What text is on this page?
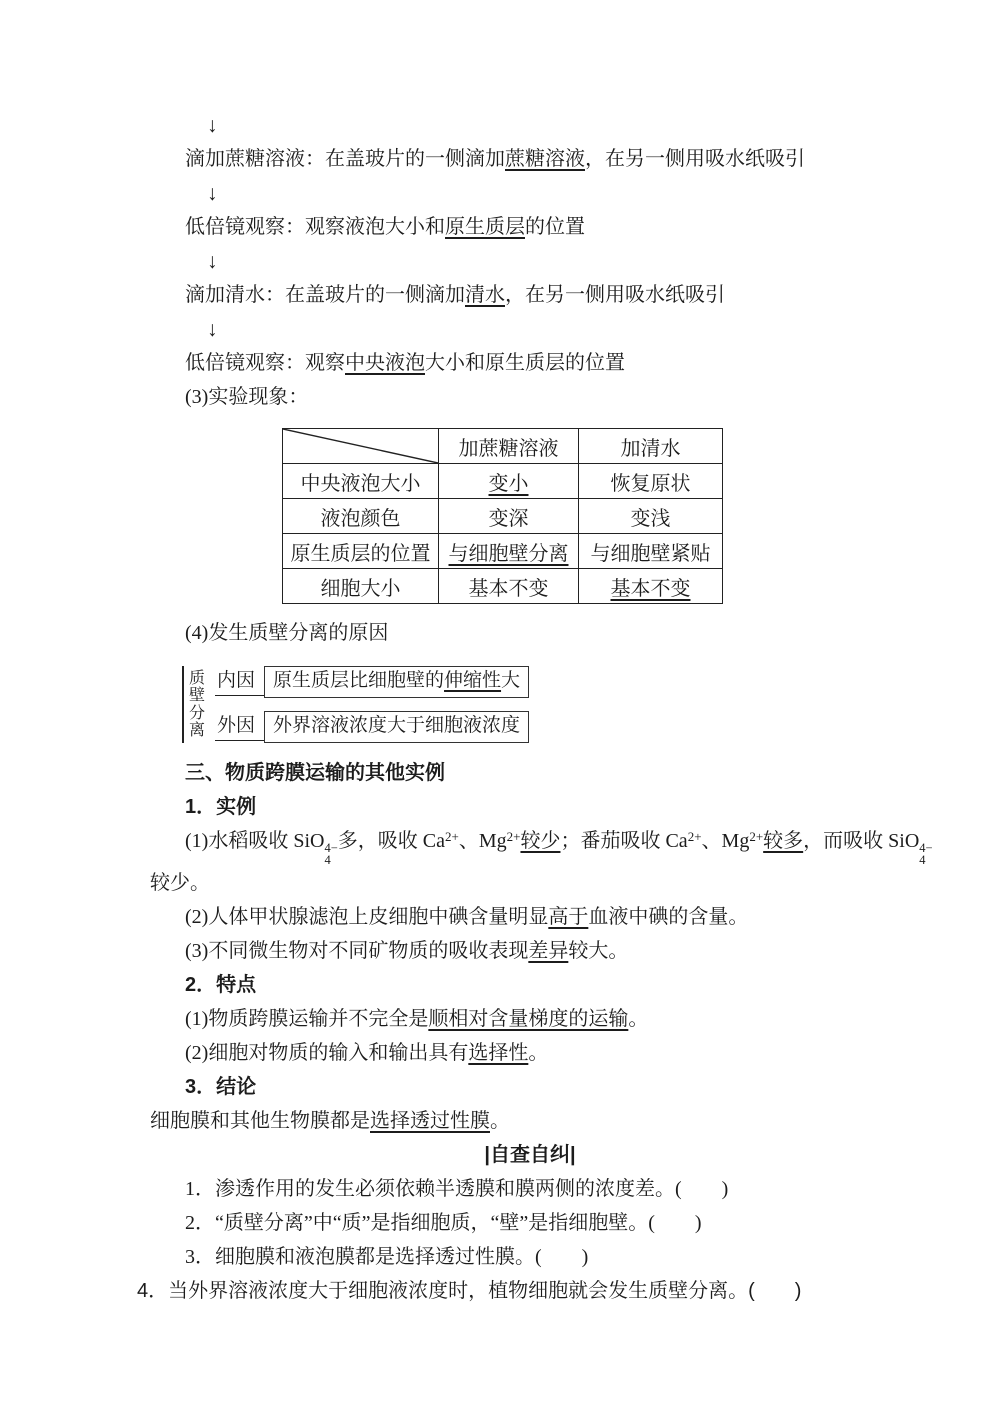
↓
滴加蔗糖溶液：在盖玻片的一侧滴加蔗糖溶液，在另一侧用吸水纸吸引
↓
低倍镜观察：观察液泡大小和原生质层的位置
↓
滴加清水：在盖玻片的一侧滴加清水，在另一侧用吸水纸吸引
↓
低倍镜观察：观察中央液泡大小和原生质层的位置
(3)实验现象：
	加蔗糖溶液	加清水
中央液泡大小	变小	恢复原状
液泡颜色	变深	变浅
原生质层的位置	与细胞壁分离	与细胞壁紧贴
细胞大小	基本不变	基本不变
(4)发生质壁分离的原因
质壁分离
内因 原生质层比细胞壁的伸缩性大
外因 外界溶液浓度大于细胞液浓度
三、物质跨膜运输的其他实例
1．实例
(1)水稻吸收 SiO 4−
4
多，吸收 $Ca^{2+}$、$Mg^{2+}$较少；番茄吸收 $Ca^{2+}$、$Mg^{2+}$较多，而吸收 SiO 4−
4
较少。
(2)人体甲状腺滤泡上皮细胞中碘含量明显高于血液中碘的含量。
(3)不同微生物对不同矿物质的吸收表现差异较大。
2．特点
(1)物质跨膜运输并不完全是顺相对含量梯度的运输。
(2)细胞对物质的输入和输出具有选择性。
3．结论
细胞膜和其他生物膜都是选择透过性膜。
|自查自纠|
1．渗透作用的发生必须依赖半透膜和膜两侧的浓度差。(　　)
2．“质壁分离”中“质”是指细胞质，“壁”是指细胞壁。(　　)
3．细胞膜和液泡膜都是选择透过性膜。(　　)
4．当外界溶液浓度大于细胞液浓度时，植物细胞就会发生质壁分离。(　　)
